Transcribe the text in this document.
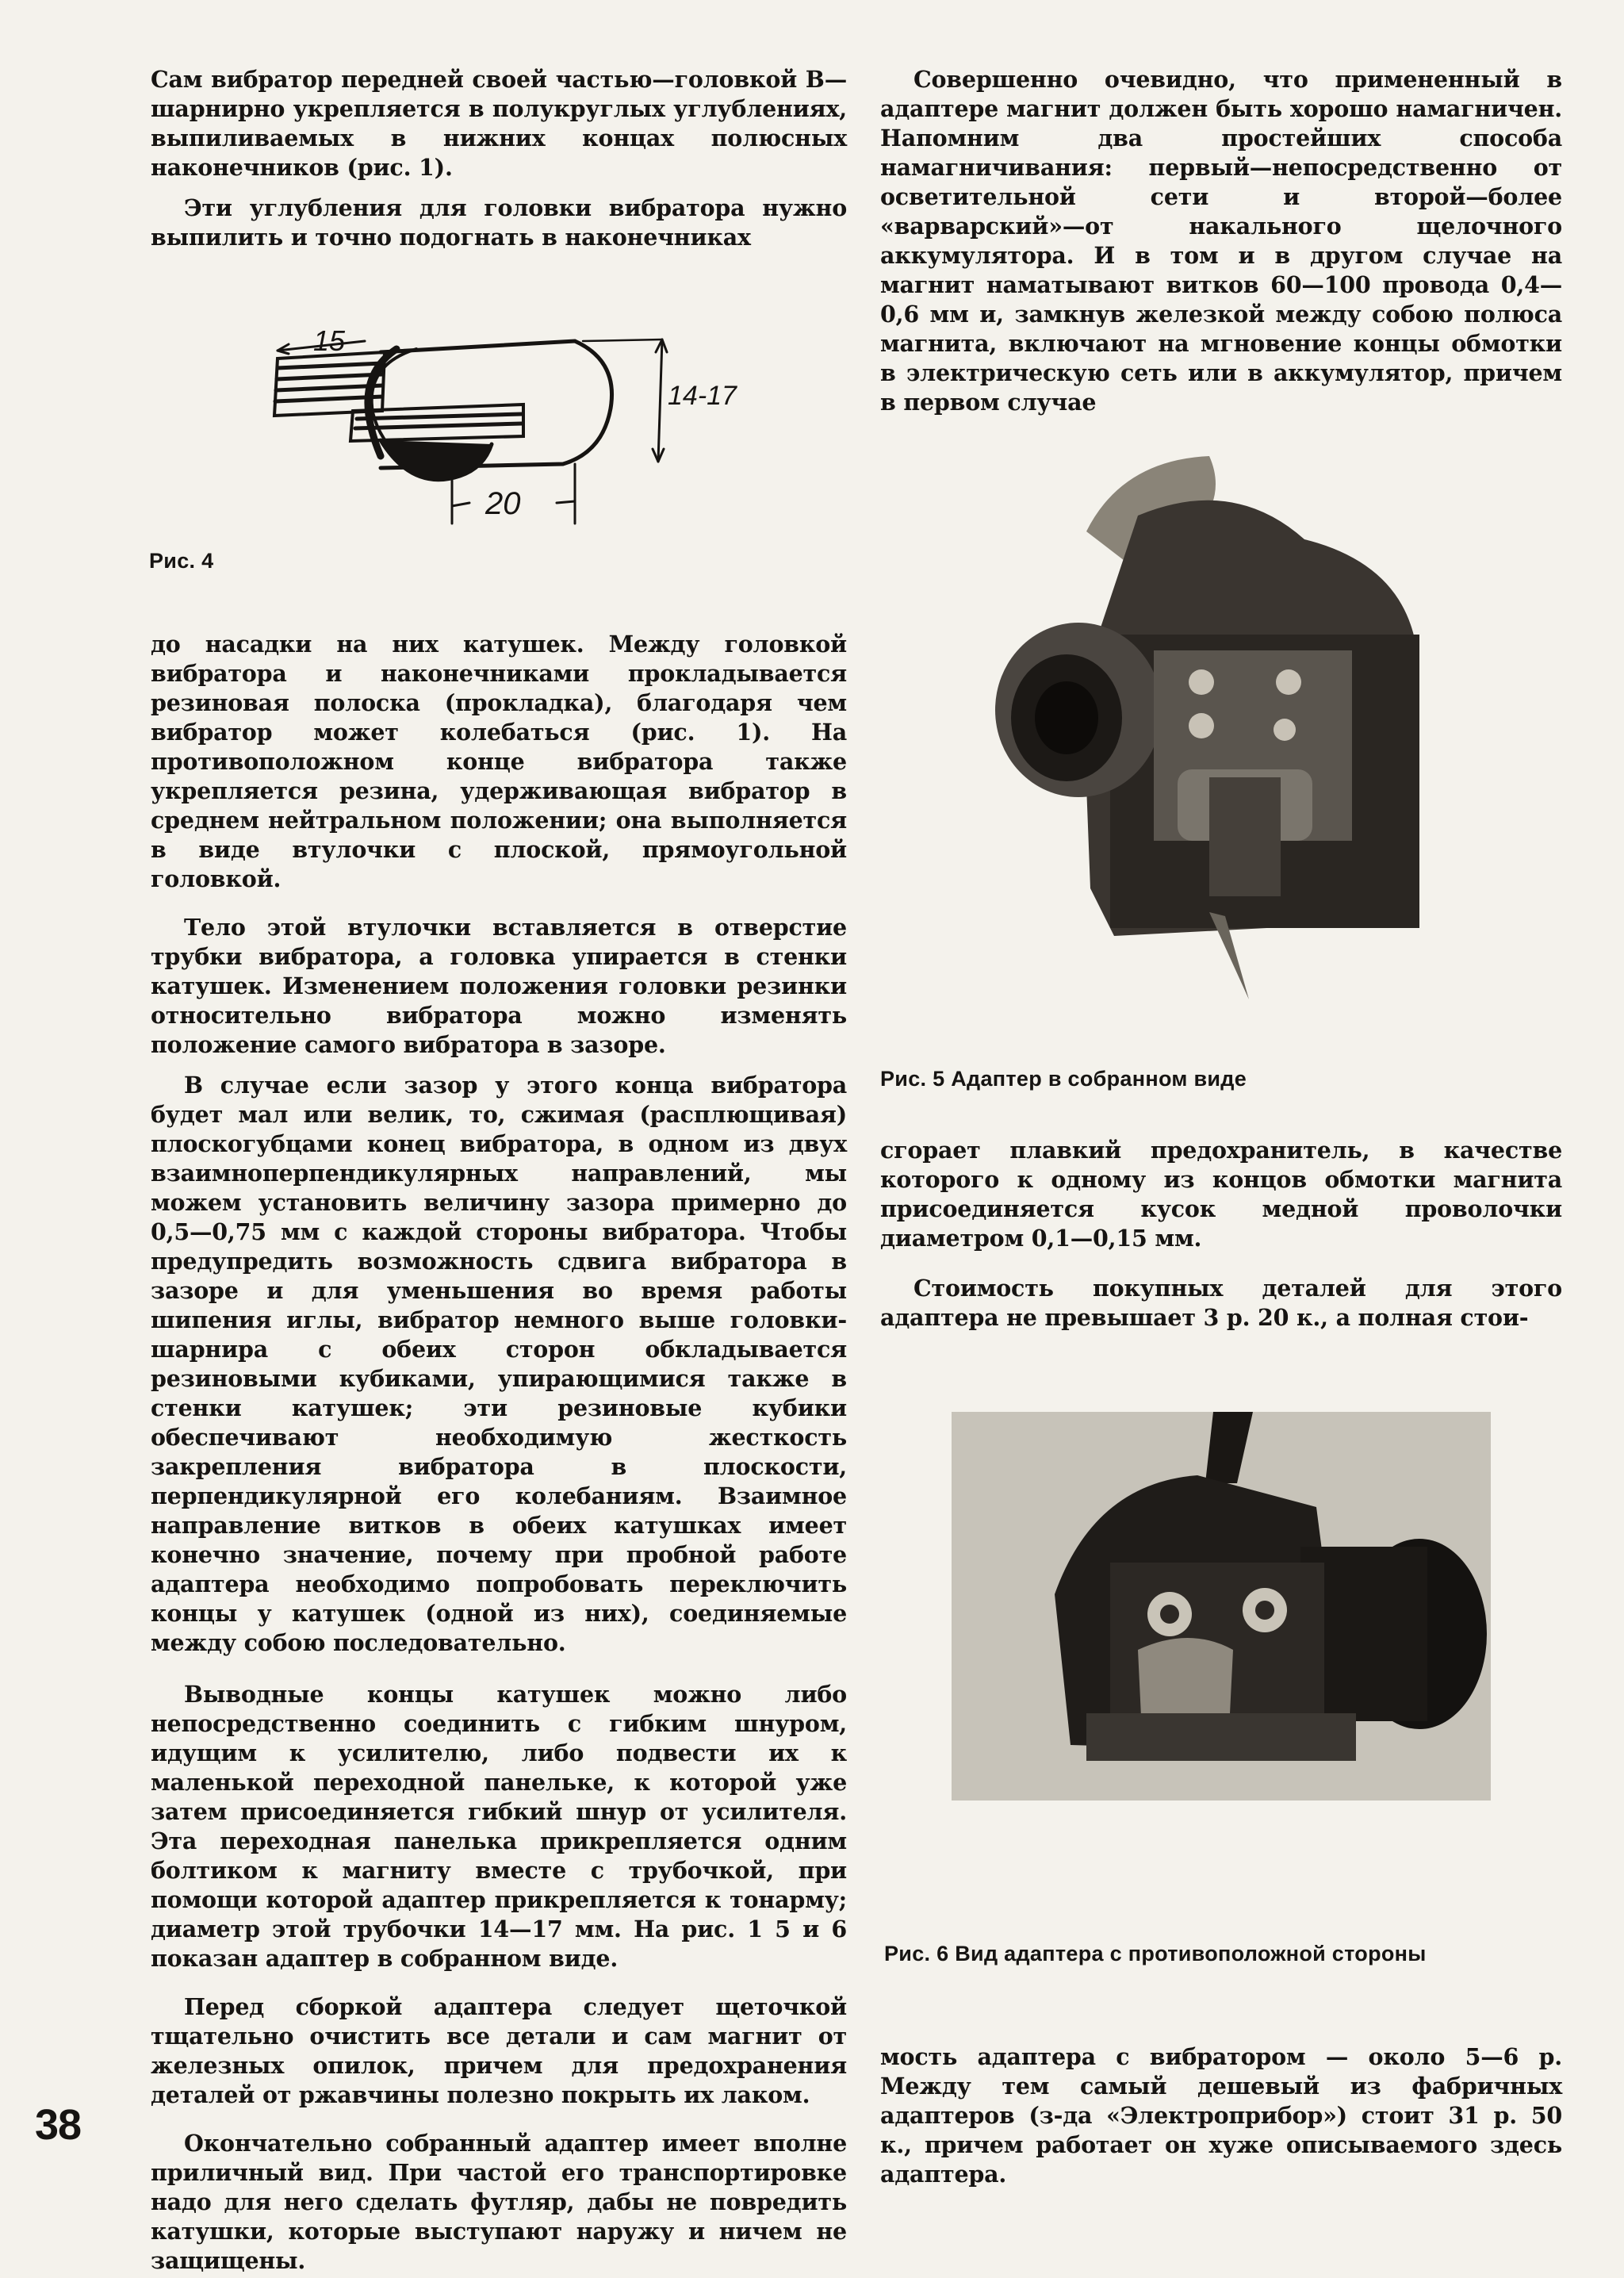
Сам вибратор передней своей частью—головкой В—шарнирно укрепляется в полукруглых углублениях, выпиливаемых в нижних концах полюсных наконечников (рис. 1).

Эти углубления для головки вибратора нужно выпилить и точно подогнать в наконечниках

15
14-17
20

Рис. 4

до насадки на них катушек. Между головкой вибратора и наконечниками прокладывается резиновая полоска (прокладка), благодаря чем вибратор может колебаться (рис. 1). На противоположном конце вибратора также укрепляется резина, удерживающая вибратор в среднем нейтральном положении; она выполняется в виде втулочки с плоской, прямоугольной головкой.

Тело этой втулочки вставляется в отверстие трубки вибратора, а головка упирается в стенки катушек. Изменением положения головки резинки относительно вибратора можно изменять положение самого вибратора в зазоре.

В случае если зазор у этого конца вибратора будет мал или велик, то, сжимая (расплющивая) плоскогубцами конец вибратора, в одном из двух взаимноперпендикулярных направлений, мы можем установить величину зазора примерно до 0,5—0,75 мм с каждой стороны вибратора. Чтобы предупредить возможность сдвига вибратора в зазоре и для уменьшения во время работы шипения иглы, вибратор немного выше головки-шарнира с обеих сторон обкладывается резиновыми кубиками, упирающимися также в стенки катушек; эти резиновые кубики обеспечивают необходимую жесткость закрепления вибратора в плоскости, перпендикулярной его колебаниям. Взаимное направление витков в обеих катушках имеет конечно значение, почему при пробной работе адаптера необходимо попробовать переключить концы у катушек (одной из них), соединяемые между собою последовательно.

Выводные концы катушек можно либо непосредственно соединить с гибким шнуром, идущим к усилителю, либо подвести их к маленькой переходной панельке, к которой уже затем присоединяется гибкий шнур от усилителя. Эта переходная панелька прикрепляется одним болтиком к магниту вместе с трубочкой, при помощи которой адаптер прикрепляется к тонарму; диаметр этой трубочки 14—17 мм. На рис. 1 5 и 6 показан адаптер в собранном виде.

Перед сборкой адаптера следует щеточкой тщательно очистить все детали и сам магнит от железных опилок, причем для предохранения деталей от ржавчины полезно покрыть их лаком.

Окончательно собранный адаптер имеет вполне приличный вид. При частой его транспортировке надо для него сделать футляр, дабы не повредить катушки, которые выступают наружу и ничем не защищены.

38

Совершенно очевидно, что примененный в адаптере магнит должен быть хорошо намагничен. Напомним два простейших способа намагничивания: первый—непосредственно от осветительной сети и второй—более «варварский»—от накального щелочного аккумулятора. И в том и в другом случае на магнит наматывают витков 60—100 провода 0,4—0,6 мм и, замкнув железкой между собою полюса магнита, включают на мгновение концы обмотки в электрическую сеть или в аккумулятор, причем в первом случае

Рис. 5 Адаптер в собранном виде

сгорает плавкий предохранитель, в качестве которого к одному из концов обмотки магнита присоединяется кусок медной проволочки диаметром 0,1—0,15 мм.

Стоимость покупных деталей для этого адаптера не превышает 3 р. 20 к., а полная стои-

Рис. 6 Вид адаптера с противоположной стороны

мость адаптера с вибратором — около 5—6 р. Между тем самый дешевый из фабричных адаптеров (з-да «Электроприбор») стоит 31 р. 50 к., причем работает он хуже описываемого здесь адаптера.
